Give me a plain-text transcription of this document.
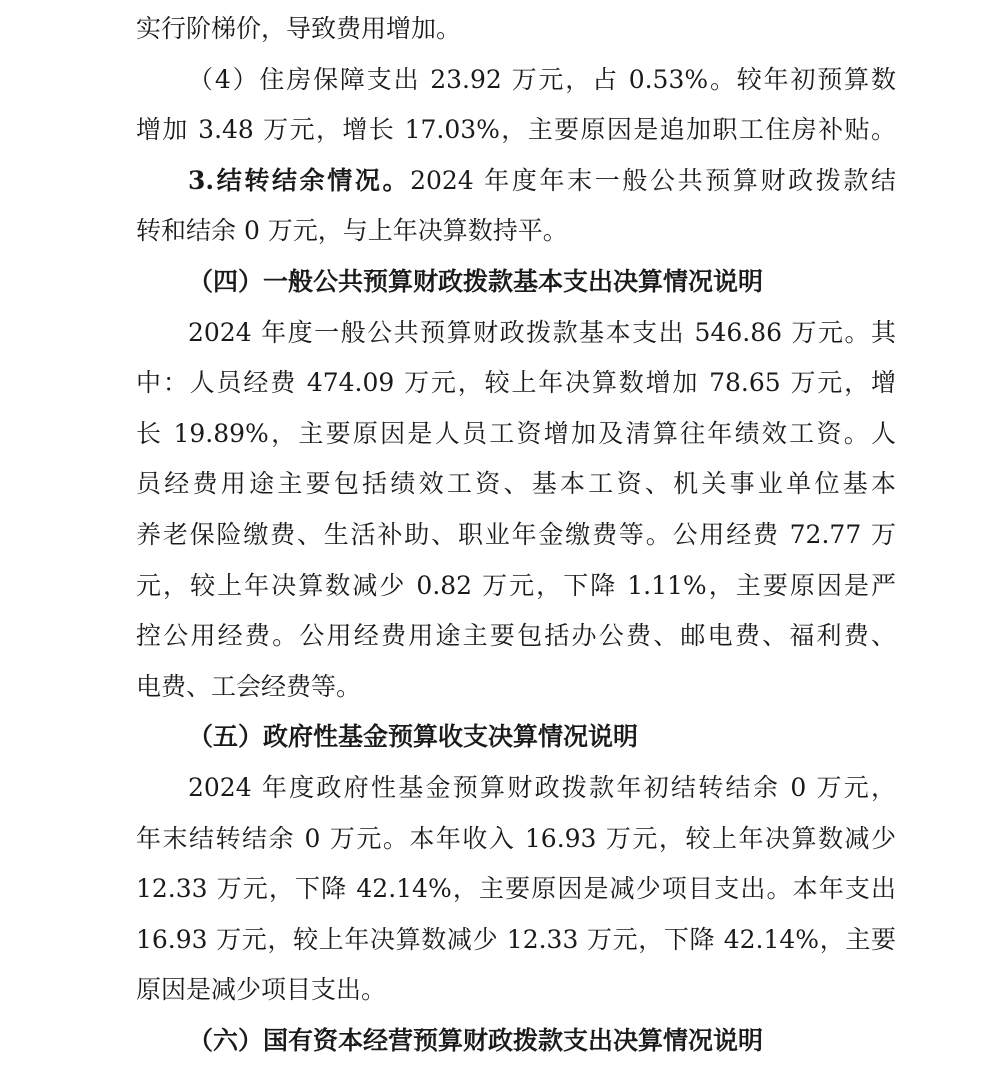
实行阶梯价，导致费用增加。
（4）住房保障支出 23.92 万元，占 0.53%。较年初预算数
增加 3.48 万元，增长 17.03%，主要原因是追加职工住房补贴。
3.结转结余情况。2024 年度年末一般公共预算财政拨款结
转和结余 0 万元，与上年决算数持平。
（四）一般公共预算财政拨款基本支出决算情况说明
2024 年度一般公共预算财政拨款基本支出 546.86 万元。其
中：人员经费 474.09 万元，较上年决算数增加 78.65 万元，增
长 19.89%，主要原因是人员工资增加及清算往年绩效工资。人
员经费用途主要包括绩效工资、基本工资、机关事业单位基本
养老保险缴费、生活补助、职业年金缴费等。公用经费 72.77 万
元，较上年决算数减少 0.82 万元，下降 1.11%，主要原因是严
控公用经费。公用经费用途主要包括办公费、邮电费、福利费、
电费、工会经费等。
（五）政府性基金预算收支决算情况说明
2024 年度政府性基金预算财政拨款年初结转结余 0 万元，
年末结转结余 0 万元。本年收入 16.93 万元，较上年决算数减少
12.33 万元，下降 42.14%，主要原因是减少项目支出。本年支出
16.93 万元，较上年决算数减少 12.33 万元，下降 42.14%，主要
原因是减少项目支出。
（六）国有资本经营预算财政拨款支出决算情况说明
